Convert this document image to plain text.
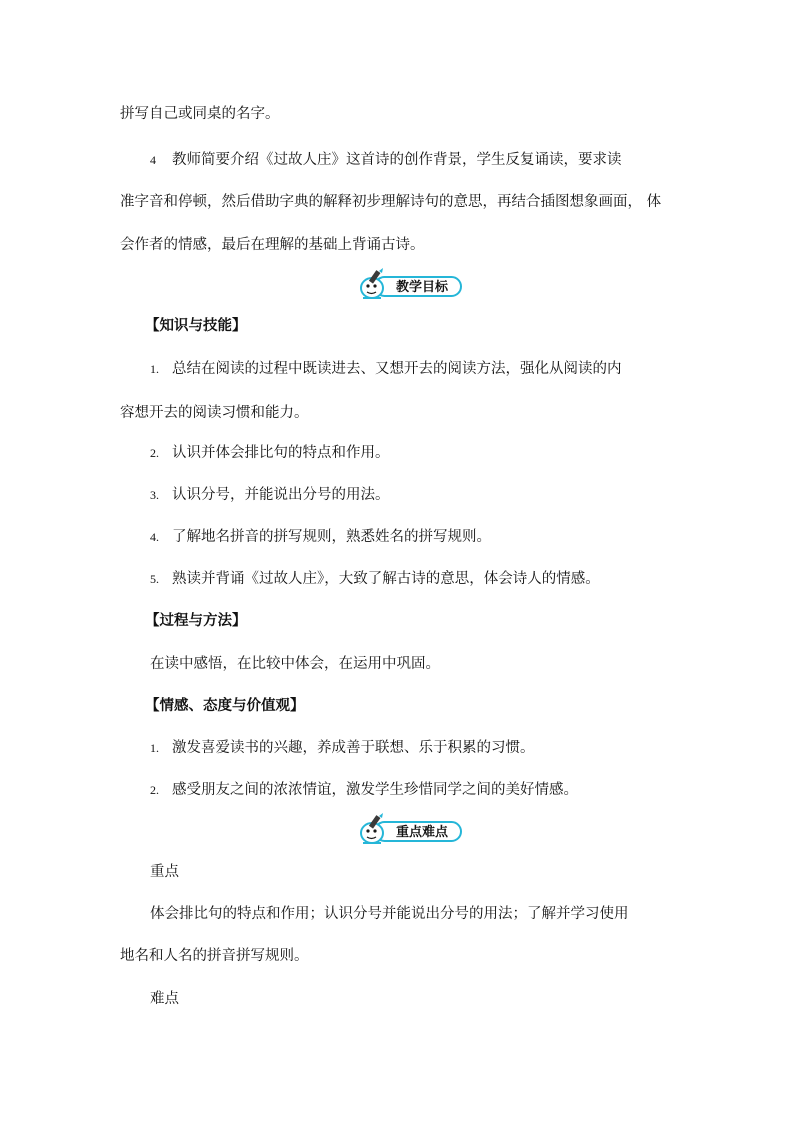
拼写自己或同桌的名字。
4 教师简要介绍《过故人庄》这首诗的创作背景，学生反复诵读，要求读
准字音和停顿，然后借助字典的解释初步理解诗句的意思，再结合插图想象画面， 体
会作者的情感，最后在理解的基础上背诵古诗。
教学目标
【知识与技能】
1. 总结在阅读的过程中既读进去、又想开去的阅读方法，强化从阅读的内
容想开去的阅读习惯和能力。
2. 认识并体会排比句的特点和作用。
3. 认识分号，并能说出分号的用法。
4. 了解地名拼音的拼写规则，熟悉姓名的拼写规则。
5. 熟读并背诵《过故人庄》，大致了解古诗的意思，体会诗人的情感。
【过程与方法】
在读中感悟，在比较中体会，在运用中巩固。
【情感、态度与价值观】
1. 激发喜爱读书的兴趣，养成善于联想、乐于积累的习惯。
2. 感受朋友之间的浓浓情谊，激发学生珍惜同学之间的美好情感。
重点难点
重点
体会排比句的特点和作用；认识分号并能说出分号的用法；了解并学习使用
地名和人名的拼音拼写规则。
难点
